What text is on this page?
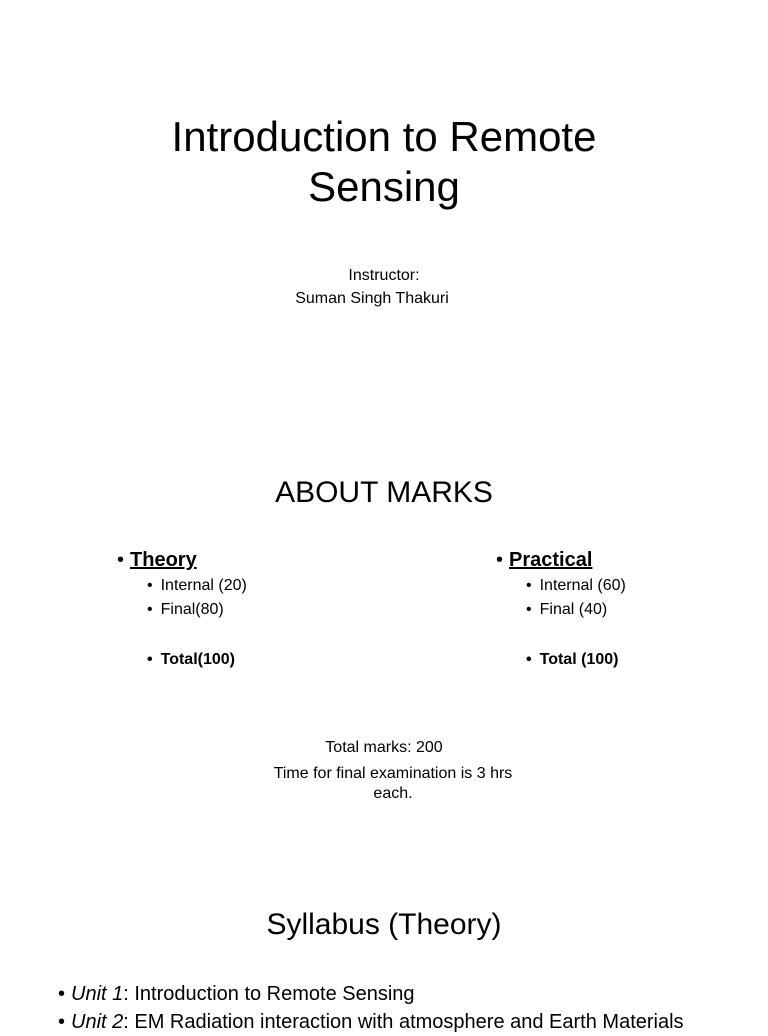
Introduction to Remote
Sensing
Instructor:
Suman Singh Thakuri
ABOUT MARKS
• Theory
• Internal (20)
• Final(80)
• Total(100)
• Practical
• Internal (60)
• Final (40)
• Total (100)
Total marks: 200
Time for final examination is 3 hrs each.
Syllabus (Theory)
• Unit 1: Introduction to Remote Sensing
• Unit 2: EM Radiation interaction with atmosphere and Earth Materials
